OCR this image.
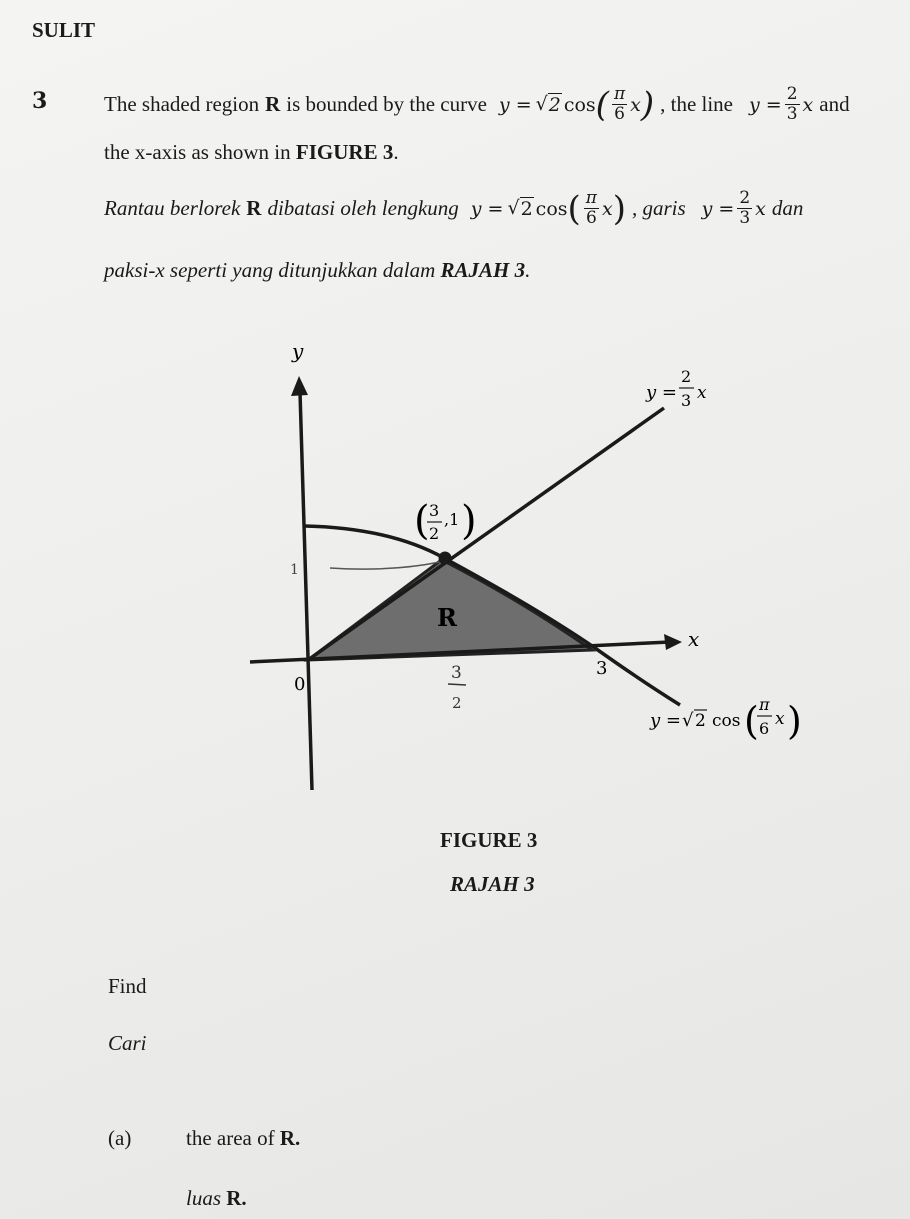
SULIT
3	The shaded region R is bounded by the curve y = √ 2 cos ( $\frac{\pi}{6}$ x ) , the line $y = \frac{2}{3}$ x and
the x-axis as shown in FIGURE 3.
Rantau berlorek R dibatasi oleh lengkung y = √ 2 cos ( $\frac{\pi}{6}$ x ) , garis $y = \frac{2}{3}$ x dan
paksi-x seperti yang ditunjukkan dalam RAJAH 3.
y
x
0
R
3
1
( 3
2
,1 )
3
2
y =
2
3 x
y = √ 2 cos ( π
6 x )
FIGURE 3
RAJAH 3
Find
Cari
(a)	the area of R.
luas R.
